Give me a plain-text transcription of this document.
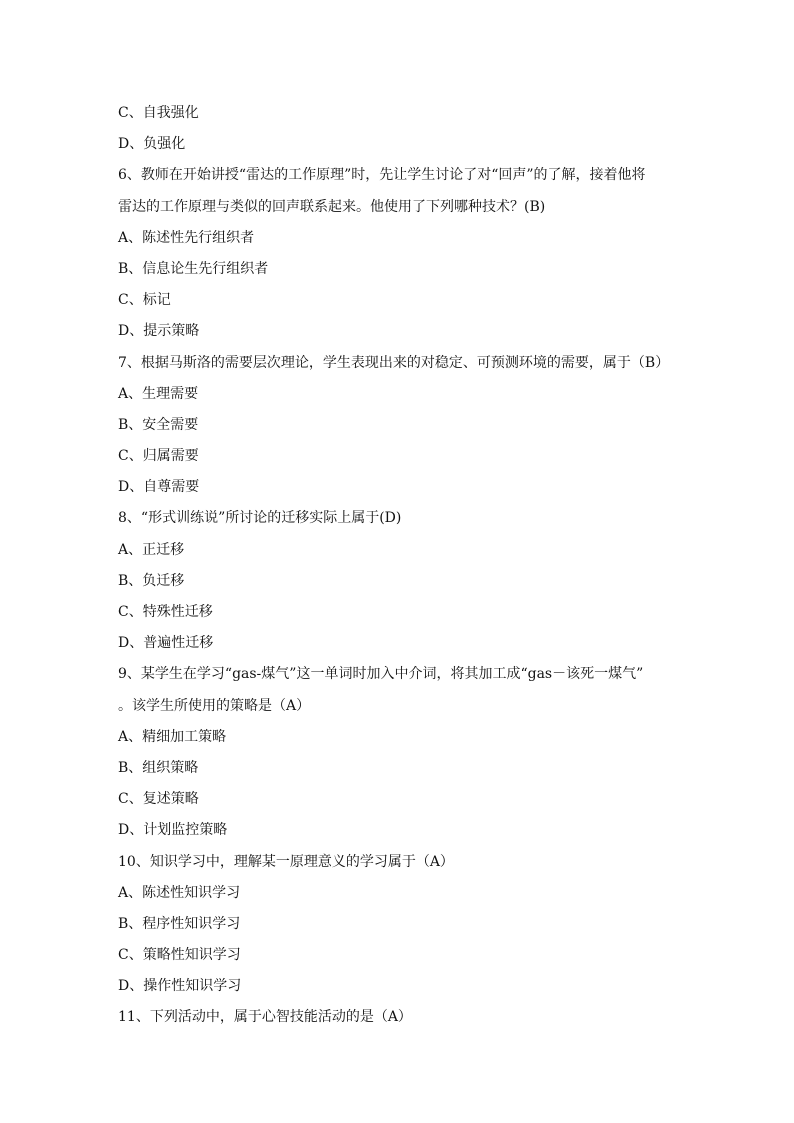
C、自我强化
D、负强化
6、教师在开始讲授“雷达的工作原理”时，先让学生讨论了对“回声”的了解，接着他将
雷达的工作原理与类似的回声联系起来。他使用了下列哪种技术？(B)
A、陈述性先行组织者
B、信息论生先行组织者
C、标记
D、提示策略
7、根据马斯洛的需要层次理论，学生表现出来的对稳定、可预测环境的需要，属于（B）
A、生理需要
B、安全需要
C、归属需要
D、自尊需要
8、“形式训练说”所讨论的迁移实际上属于(D)
A、正迁移
B、负迁移
C、特殊性迁移
D、普遍性迁移
9、某学生在学习“gas-煤气”这一单词时加入中介词，将其加工成“gas－该死一煤气”
。该学生所使用的策略是（A）
A、精细加工策略
B、组织策略
C、复述策略
D、计划监控策略
10、知识学习中，理解某一原理意义的学习属于（A）
A、陈述性知识学习
B、程序性知识学习
C、策略性知识学习
D、操作性知识学习
11、下列活动中，属于心智技能活动的是（A）
